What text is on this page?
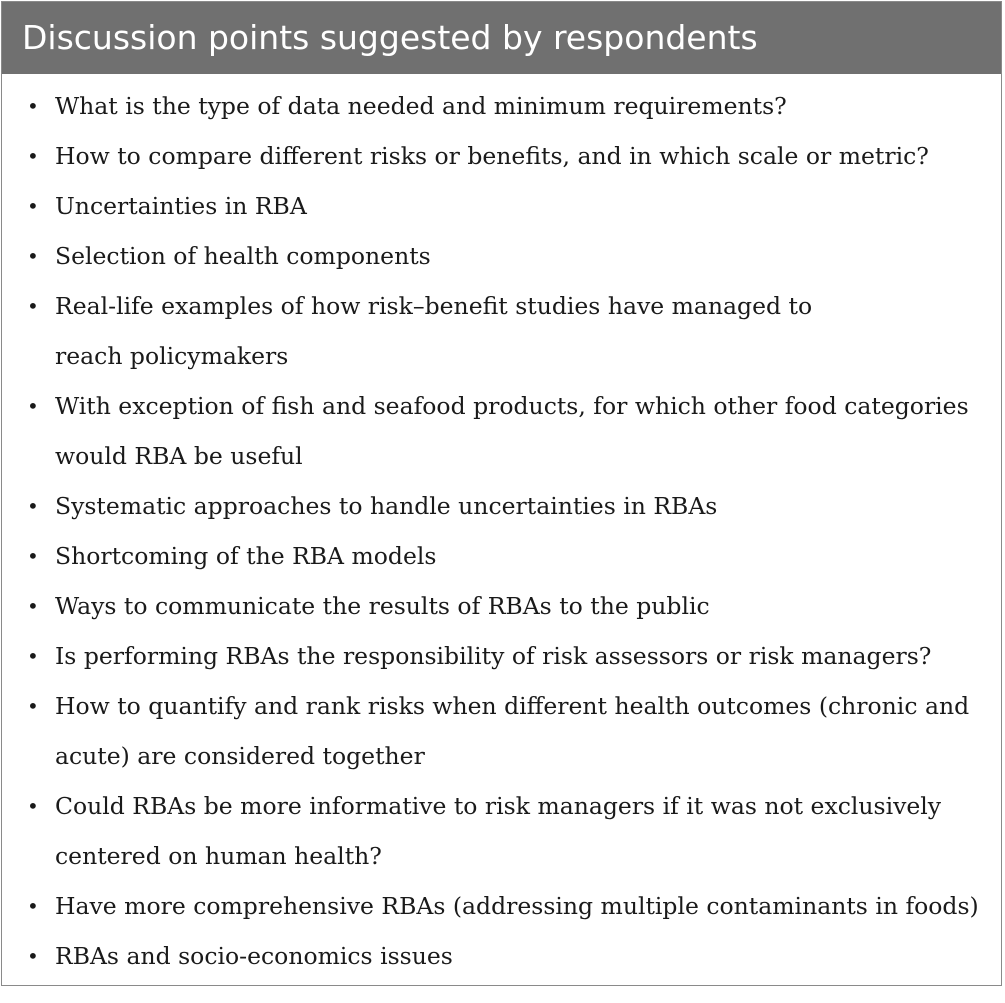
Discussion points suggested by respondents
• What is the type of data needed and minimum requirements?
• How to compare different risks or benefits, and in which scale or metric?
• Uncertainties in RBA
• Selection of health components
• Real-life examples of how risk–benefit studies have managed to
reach policymakers
• With exception of fish and seafood products, for which other food categories
would RBA be useful
• Systematic approaches to handle uncertainties in RBAs
• Shortcoming of the RBA models
• Ways to communicate the results of RBAs to the public
• Is performing RBAs the responsibility of risk assessors or risk managers?
• How to quantify and rank risks when different health outcomes (chronic and
acute) are considered together
• Could RBAs be more informative to risk managers if it was not exclusively
centered on human health?
• Have more comprehensive RBAs (addressing multiple contaminants in foods)
• RBAs and socio-economics issues
